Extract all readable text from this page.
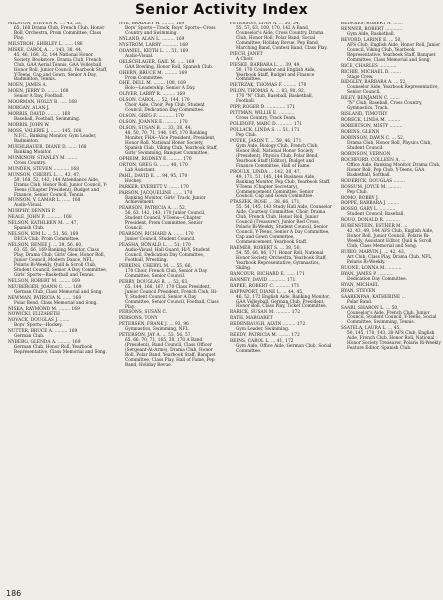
Senior Activity Index
MILSTON, STEVEN A. .... 45, 53,
65, 168 Drama Club, French Club, Honor Roll, Orchestra, Prom Committee, Class Play.
MILSTROH, SHIRLEY L. ...... 186
MISKE, CAROL A. ... 143, 38, 44,
45, 46, 168, 32, 144 National Honor Society, Bookstore, Drama Club, French Club, GAA Aerial Tennis, GAA Volleyball, Honor Roll, Junior Council, Yearbook Staff, Y-Teens, Cap and Gown, Senior A Day, Badminton, Tennis.
MOEN, JAMES A.
MOEN, JERRY D. ........ 168
Senior A Day, Football.
MOORMAN, HOLLY B. ..... 168
MORGAN, ALAN J.
MORRIS, DAVID .......... 168
Baseball, Football, Swimming.
MORRIS, JOHN W.
MOSS, VALERIE J. ....... 145, 168
N.F.C., Banking Monitor, Gym Leader, Badminton.
MUEHLBAUER, DIANE D. ...... 168
Banking Monitor.
MUNKNOW, STANLEY M. .......
Cross Country.
MUNDEN, STEVEN ........... 168
MUNSON, CHERYL L. ... 43, 47,
59, 168, 52, 142, 144 Attendance Aide, Drama Club, Honor Roll, Junior Council, Y-Teens (Chapter President), Budget and Finance, Senior Council, Tennis.
MUNSON, V. LAMAR L. ...... 168
Audio-Visual.
MURPHY, DENNIS P.
NEALE, JOHN P. ........... 168
NELSON, KATHLEEN M. ... 47,
Spanish Club.
NELSON, KIM L. ... 51, 56, 169
DECA Club, Prom Committee.
NELSON, RENEE J. ... 39, 56, 60,
63, 65, 66, 169 Banking Monitor, Class Play, Drama Club, Girls' Glee, Honor Roll, Junior Council, Modern Dance, NFL, Polaris Bi-Weekly, Quill & Scroll Club, Student Council, Senior A Day Committee, Girls' Sports—Basketball and Tennis.
NELSON, ROBERT M. ........ 169
NEUBERGER, JOANN C. ..... 169
German Club, Class Memorial and Song.
NEWMAN, PATRICIA N. ...... 169
Polar Bend, Class Memorial and Song.
NISKA, RAYMOND M. ........ 169
NOWICKI, ELIZABETH
NOVACK, DOUGLAS J. .......
Boys' Sports—Hockey.
NUTTER, BRUCE A. ......... 169
German Club.
NYBERG, GLENDA A. ......... 169
German Club, Honor Roll, Yearbook Representative, Class Memorial and Song.
NYE, BRADLEY W. ......... 169
Boys' Sports—Track, Boys' Sports—Cross Country and Swimming.
NYLAND, ALAN L. ......... 169
NYSTROM, LARRY ........... 169
ODANIEL, KEITH L. ... 51, 169
Audio-Visual.
OELSCHLAGER, GAIL M. ..... 169
GAA Bowling, Honor Roll, Spanish Club.
OHERN, BRUCE M. ......... 169
Prom Committee.
OHE, DELL M. ........ 100, 169
Bolo—Leadership, Senior A Day.
OLIVER, LARRY R. ......... 169
OLSON, CAROL ... 52, 144, 170
Choir Aide, Choir, Pep Club, Student Council, Dedication Day Committee.
OLSON, GREG F. ........... 170
OLSON, JOANNE E. ......... 170
OLSON, SUSAN B. ... 33, 38, 44,
48, 50, 70, 71, 144, 145, 170 Banking Monitor, FHA—Vice President, President, Honor Roll, National Honor Society, Spanish Club, Viking Club, Yearbook Staff, Girls' Swimming, Banquet Committee.
OPHEIM, RODNEY E. ......... 170
ORTON, GREG G. ....... 48, 170
Lab Assistant.
PAHL, DAVID E. ... 94, 95, 170
Hockey.
PARKER, EVERETT V. ....... 170
PARSON, JACQUELINE ....... 170
Banking Monitor, Girls' Track, Junior Achievement.
PEARSON, PATRICIA A. ... 52,
56, 63, 142, 143, 170 Junior Council, Student Council, Y-Teens—Chapter President, Prom Committee, Senior Council.
PEARSON, RICHARD A. ....... 170
Junior Council, Student Council.
PEASHA, RONALD L. ... 51, 170
Audio-Visual, Hall Guard, Hi-Y, Student Council, Dedication Day Committee, Football, Wrestling.
PERKINS, CHERYL M. ... 55, 66,
170 Choir, French Club, Senior A Day Committee, Senior Council.
PERRY, DOUGLAS R. ... 52, 63,
65, 144, 166, 167, 170 Class President, Junior Council President, French Club, Hi-Y, Student Council, Senior A Day Committee, Senior Council, Football, Class Play.
PERSONS, SUSAN C.
PERSONS, TONY
PETERSEN, FRANK J. ... 93, 96
Gymnastics, Swimming, NFL.
PETERSON, JAY A. ... 55, 56, 57,
65, 66, 70, 71, 165, 38, 170 A Band (President), Band Council, Class Officer (Sergeant-At-Arms), Drama Club, Honor Roll, Polar Band, Yearbook Staff, Banquet Committee, Class Play, Hall of Fame, Pep Band, Holiday Revue.
PETERSON, LYNN A. ... 50, 54,
55, 57, 63, 109, 170, 142 A Band, Counselor's Aide, Cross Country, Drama Club, Honor Roll, Polar Band, Social Committee, Holiday Revue, Pep Band, Marching Band, Contest Band, Class Play.
PIECH, JANET
A Choir.
PIESKE, BARBARA L. ... 39, 49,
50, 170 Counselor and English Aide, Yearbook Staff, Budget and Finance Committee.
PIETRZAK, THOMAS F. ......... 170
PILON, THOMAS A. ... 83, 90, 92,
170 "N" Club, Baseball, Basketball, Football.
PIPP, ROGER D. ............. 171
PITTMAN, WILLIE E. ...........
Cross Country, Track Team.
POLIDOFF, MARC D. .......... 171
POLLACK, LINDA S. ... 51, 171
Pep Club.
POTEK, JASON T. ... 59, 46, 171
Gym Aide, Biology Club, French Club, Honor Roll, National Honor Society (President), Physics Club, Polar Bend, Yearbook Staff (Editor), Budget and Finance Committee, Hall of Fame.
PROULX, LINDA ... 142, 38, 47,
49, 171, 51, 145, 144 Business Aide, Banking Monitor, Pep Club, Yearbook Staff, Y-Teens (Chapter Secretary), Commencement Committee, Senior Council, Cap and Gown Committee.
PTASZEK, ROSE ... 38, 66, 171,
55, 54, 145, 143 Study Hall Aide, Counselor Aide, Courtesy Committee, Choir, Drama Club, French Club, Honor Roll, Junior Council (Treasurer), Junior Red Cross, Polaris Bi-Weekly, Student Council, Senior Council, Y-Teens, Senior A Day Committee, Cap and Gown Committee, Commencement, Yearbook Staff.
RAEMER, ROBERT S. ... 38, 50,
54, 55, 66, 86, 171 Honor Roll, National Honor Society, Orchestra, Yearbook Staff, Yearbook Representative, Gymnastics, Skiing.
RANCOUR, RICHARD E. ...... 171
RANNEY, DAVID ............ 171
RAPKE, ROBERT C. .......... 171
RAPPAPORT, DIANE L. ... 44, 45,
46, 52, 172 English Aide, Banking Monitor, GAA Volleyball, German Club, President, Honor Roll, Class Play, Ticket Committee.
RARICK, SUSAN M. .......... 172
RATH, MARGARET
REDENBAUGH, ALVIN ......... 172
Gym Leader, Swimming.
REEDY, PATRICIA M. ........ 172
REINS, CAROL L. ... 41, 172
Gym Aide, Office Aide, German Club, Social Committee.
REISGIES, ROBERT A. .......
RENNER, ROBERT ............
Gym Aide, Basketball.
REVORD, LARINE E. ... 50,
AFS Club, English Aide, Honor Roll, Junior Council, Viking Club, Yearbook Representative, Yearbook Staff, Banquet Committee, Class Memorial and Song.
RICE, CHARLES ............
RICHIE, MICHAEL D. .......
Stage Crew.
RIDGLEY, BARBARA A. ... 52,
Counselor Aide, Yearbook Representative, Senior Council.
RILEY, BENJAMIN C. .......
"N" Club, Baseball, Cross Country, Gymnastics, Track.
RISLAND, TIMOTHY
ROBECK, LINDA M. .........
ROBERTSON, MISTY .........
ROBINS, GLENN
ROBINSON, DAWN C. ... 52,
Drama Club, Honor Roll, Physics Club, Student Council.
ROBINSON, VERNON
ROCHFORD, COLLEEN A. ...
Office Aide, Banking Monitor, Drama Club, Honor Roll, Pep Club, Y-Teens, GAA Basketball, Softball.
RODERICK, DOUGLAS ........
ROSSUM, JOYCE M. .........
Pep Club.
ROMO, BOBBY J.
ROPPE, BARBARA J. ........
ROSSO, GARY L. ...........
Student Council, Baseball.
ROUO, DONALD R. ..........
RUBENSTEIN, ESTHER M. ...
42, 43, 49, 144 AFS Club, English Aide, Honor Roll, Junior Council, Polaris Bi-Weekly, Assistant Editor, Quill & Scroll Club, Class Memorial and Song.
RUBIO, MARVIN J. ... 42, 43,
Art Club, Class Play, Drama Club, NFL, Polaris Bi-Weekly.
RUONE, LONNA M. ..........
RYAN, JAMES P. ...........
Dedication Day Committee.
RYAN, MICHAEL
RYAN, STEVEN
SAARENPAA, KATHERINE ...
Polar Band.
SAARI, SHARON L. ... 50,
Counselor's Aide, French Club, Junior Council, Student Council, Y-Teens, Social Committee, Swimming, Tennis.
SSATELA, LAURA L. ... 45,
50, 145, 170, 143, 38 AFS Club, English Aide, French Club, Honor Roll, National Honor Society Treasurer, Polaris Bi-Weekly Feature Editor, Spanish Club.
186
